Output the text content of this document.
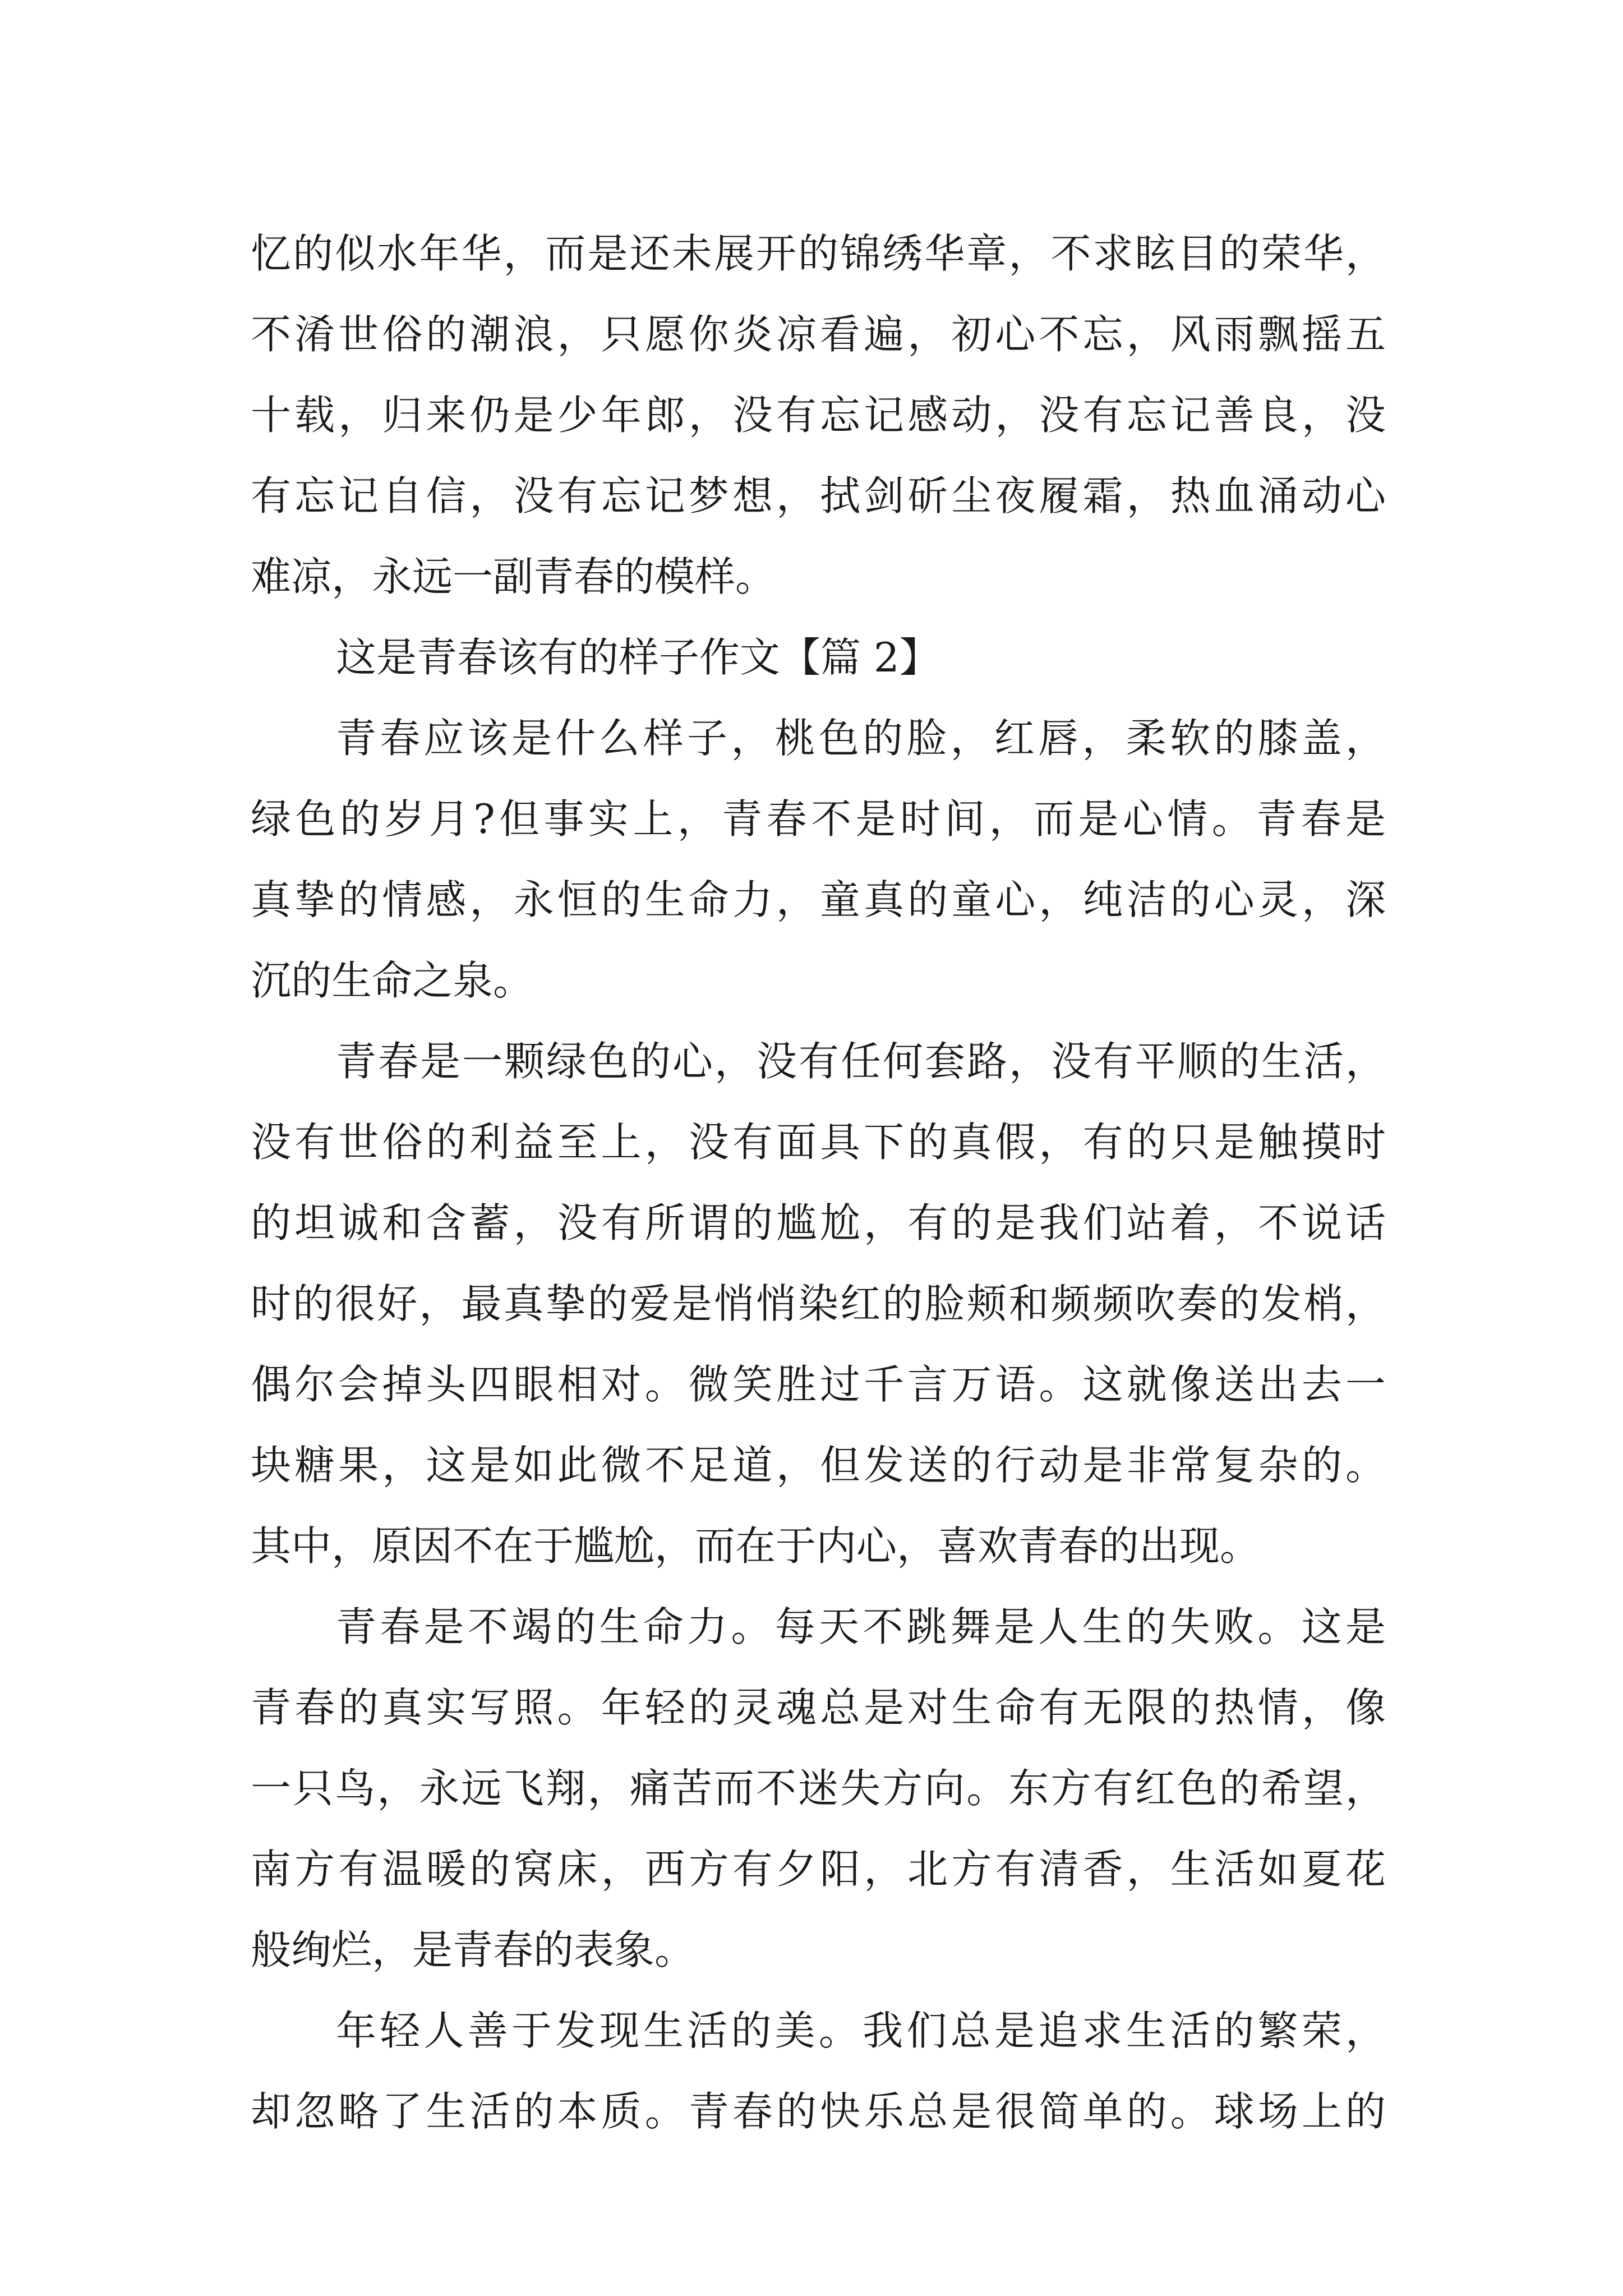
忆的似水年华，而是还未展开的锦绣华章，不求眩目的荣华，
不淆世俗的潮浪，只愿你炎凉看遍，初心不忘，风雨飘摇五
十载，归来仍是少年郎，没有忘记感动，没有忘记善良，没
有忘记自信，没有忘记梦想，拭剑斫尘夜履霜，热血涌动心
难凉，永远一副青春的模样。
这是青春该有的样子作文【篇 2】
青春应该是什么样子，桃色的脸，红唇，柔软的膝盖，
绿色的岁月?但事实上，青春不是时间，而是心情。青春是
真挚的情感，永恒的生命力，童真的童心，纯洁的心灵，深
沉的生命之泉。
青春是一颗绿色的心，没有任何套路，没有平顺的生活，
没有世俗的利益至上，没有面具下的真假，有的只是触摸时
的坦诚和含蓄，没有所谓的尴尬，有的是我们站着，不说话
时的很好，最真挚的爱是悄悄染红的脸颊和频频吹奏的发梢，
偶尔会掉头四眼相对。微笑胜过千言万语。这就像送出去一
块糖果，这是如此微不足道，但发送的行动是非常复杂的。
其中，原因不在于尴尬，而在于内心，喜欢青春的出现。
青春是不竭的生命力。每天不跳舞是人生的失败。这是
青春的真实写照。年轻的灵魂总是对生命有无限的热情，像
一只鸟，永远飞翔，痛苦而不迷失方向。东方有红色的希望，
南方有温暖的窝床，西方有夕阳，北方有清香，生活如夏花
般绚烂，是青春的表象。
年轻人善于发现生活的美。我们总是追求生活的繁荣，
却忽略了生活的本质。青春的快乐总是很简单的。球场上的
